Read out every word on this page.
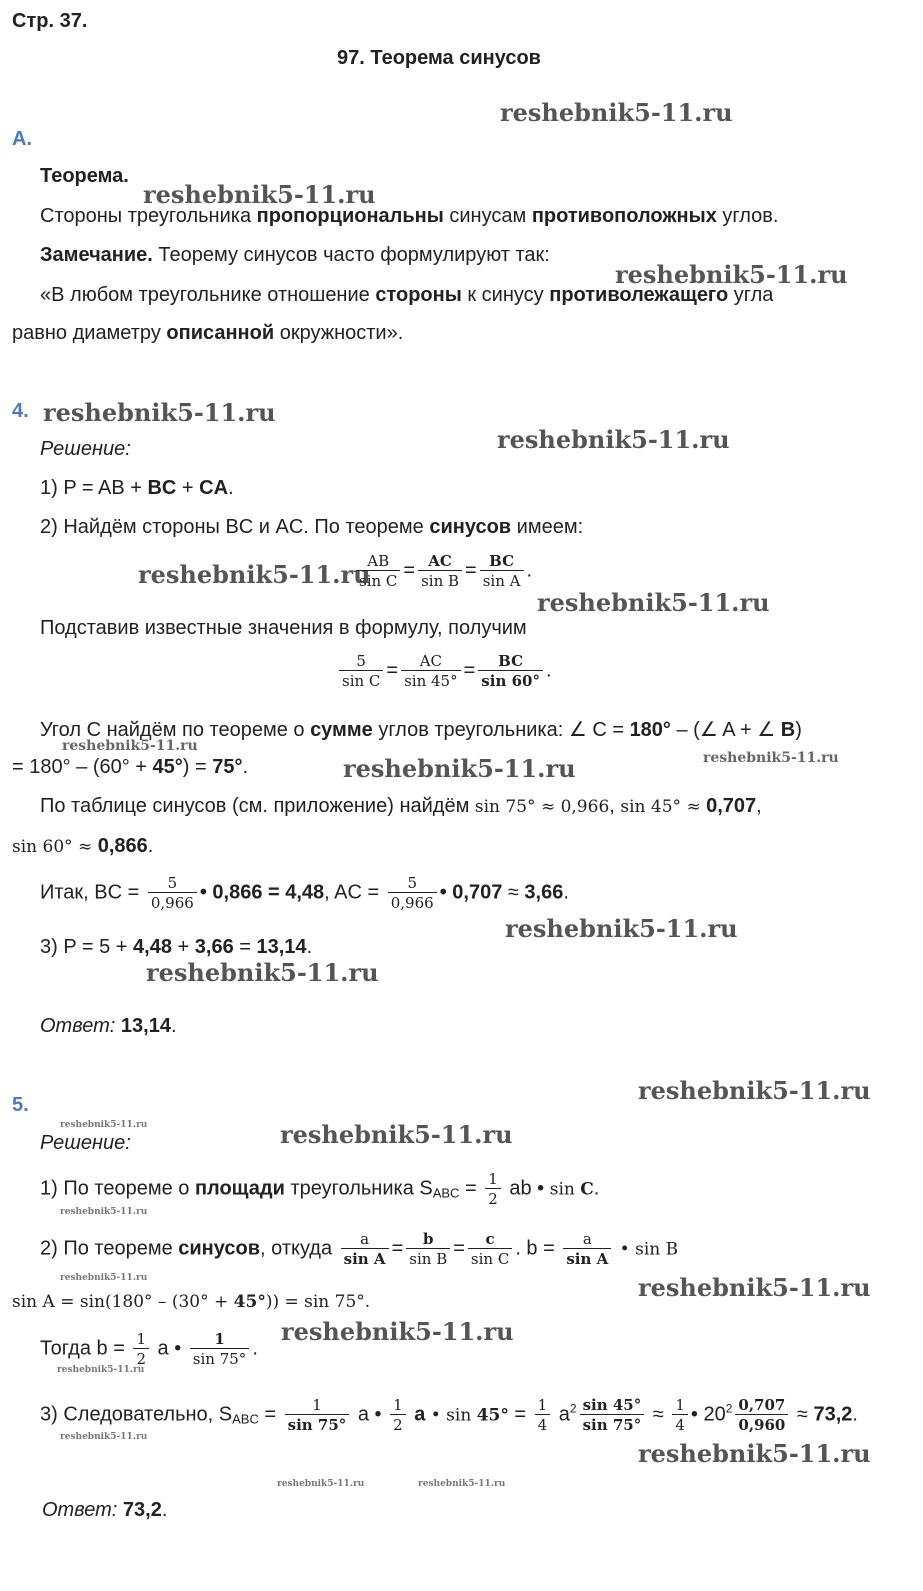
Стр. 37.
97. Теорема синусов
reshebnik5-11.ru
reshebnik5-11.ru
reshebnik5-11.ru
reshebnik5-11.ru
reshebnik5-11.ru
reshebnik5-11.ru
reshebnik5-11.ru
reshebnik5-11.ru
reshebnik5-11.ru	reshebnik5-11.ru
reshebnik5-11.ru
reshebnik5-11.ru
reshebnik5-11.ru
reshebnik5-11.ru	reshebnik5-11.ru
reshebnik5-11.ru
reshebnik5-11.ru	reshebnik5-11.ru
reshebnik5-11.ru
reshebnik5-11.ru
reshebnik5-11.ru
reshebnik5-11.ru
reshebnik5-11.ru	reshebnik5-11.ru
А.
Теорема.
Стороны треугольника пропорциональны синусам противоположных углов.
Замечание. Теорему синусов часто формулируют так:
«В любом треугольнике отношение стороны к синусу противолежащего угла
равно диаметру описанной окружности».
4.
Решение:
1) P = AB + BC + CA.
2) Найдём стороны BC и AC. По теореме синусов имеем:
$\frac{AB}{\text{sin C}} = \frac{AC}{\text{sin B}} = \frac{BC}{\text{sin A}}$ .
Подставив известные значения в формулу, получим
$\frac{5}{\text{sin C}} = \frac{AC}{\sin 45^\circ} = \frac{BC}{\sin 60^\circ}$ .
Угол C найдём по теореме о сумме углов треугольника: ∠ C = 180° – (∠ A + ∠ B)
= 180° – (60° + 45°) = 75°.
По таблице синусов (см. приложение) найдём sin 75° ≈ 0,966, sin 45° ≈ 0,707,
sin 60° ≈ 0,866.
Итак, BC = $\frac{5}{0,966}$ • 0,866 = 4,48, AC = $\frac{5}{0,966}$ • 0,707 ≈ 3,66.
3) P = 5 + 4,48 + 3,66 = 13,14.
Ответ: 13,14.
5.
Решение:
1) По теореме о площади треугольника $S_{ABC} = \frac{1}{2}$ ab • sin C.
2) По теореме синусов, откуда $\frac{a}{\text{sin A}} = \frac{b}{\text{sin B}} = \frac{c}{\text{sin C}}$ . $b = \frac{a}{\text{sin A}}$ • sin B
sin A = sin(180° – (30° + 45°)) = sin 75°.
Тогда $b = \frac{1}{2}$ a • $\frac{1}{\sin 75^\circ}$ .
3) Следовательно, $S_{ABC} = \frac{1}{\sin 75^\circ}$ a • $\frac{1}{2}$ a • $\sin 45^\circ = \frac{1}{4} a^2 \frac{\sin 45^\circ}{\sin 75^\circ} \approx \frac{1}{4}$ • $20^2 \frac{0,707}{0,960} \approx 73,2$.
Ответ: 73,2.
